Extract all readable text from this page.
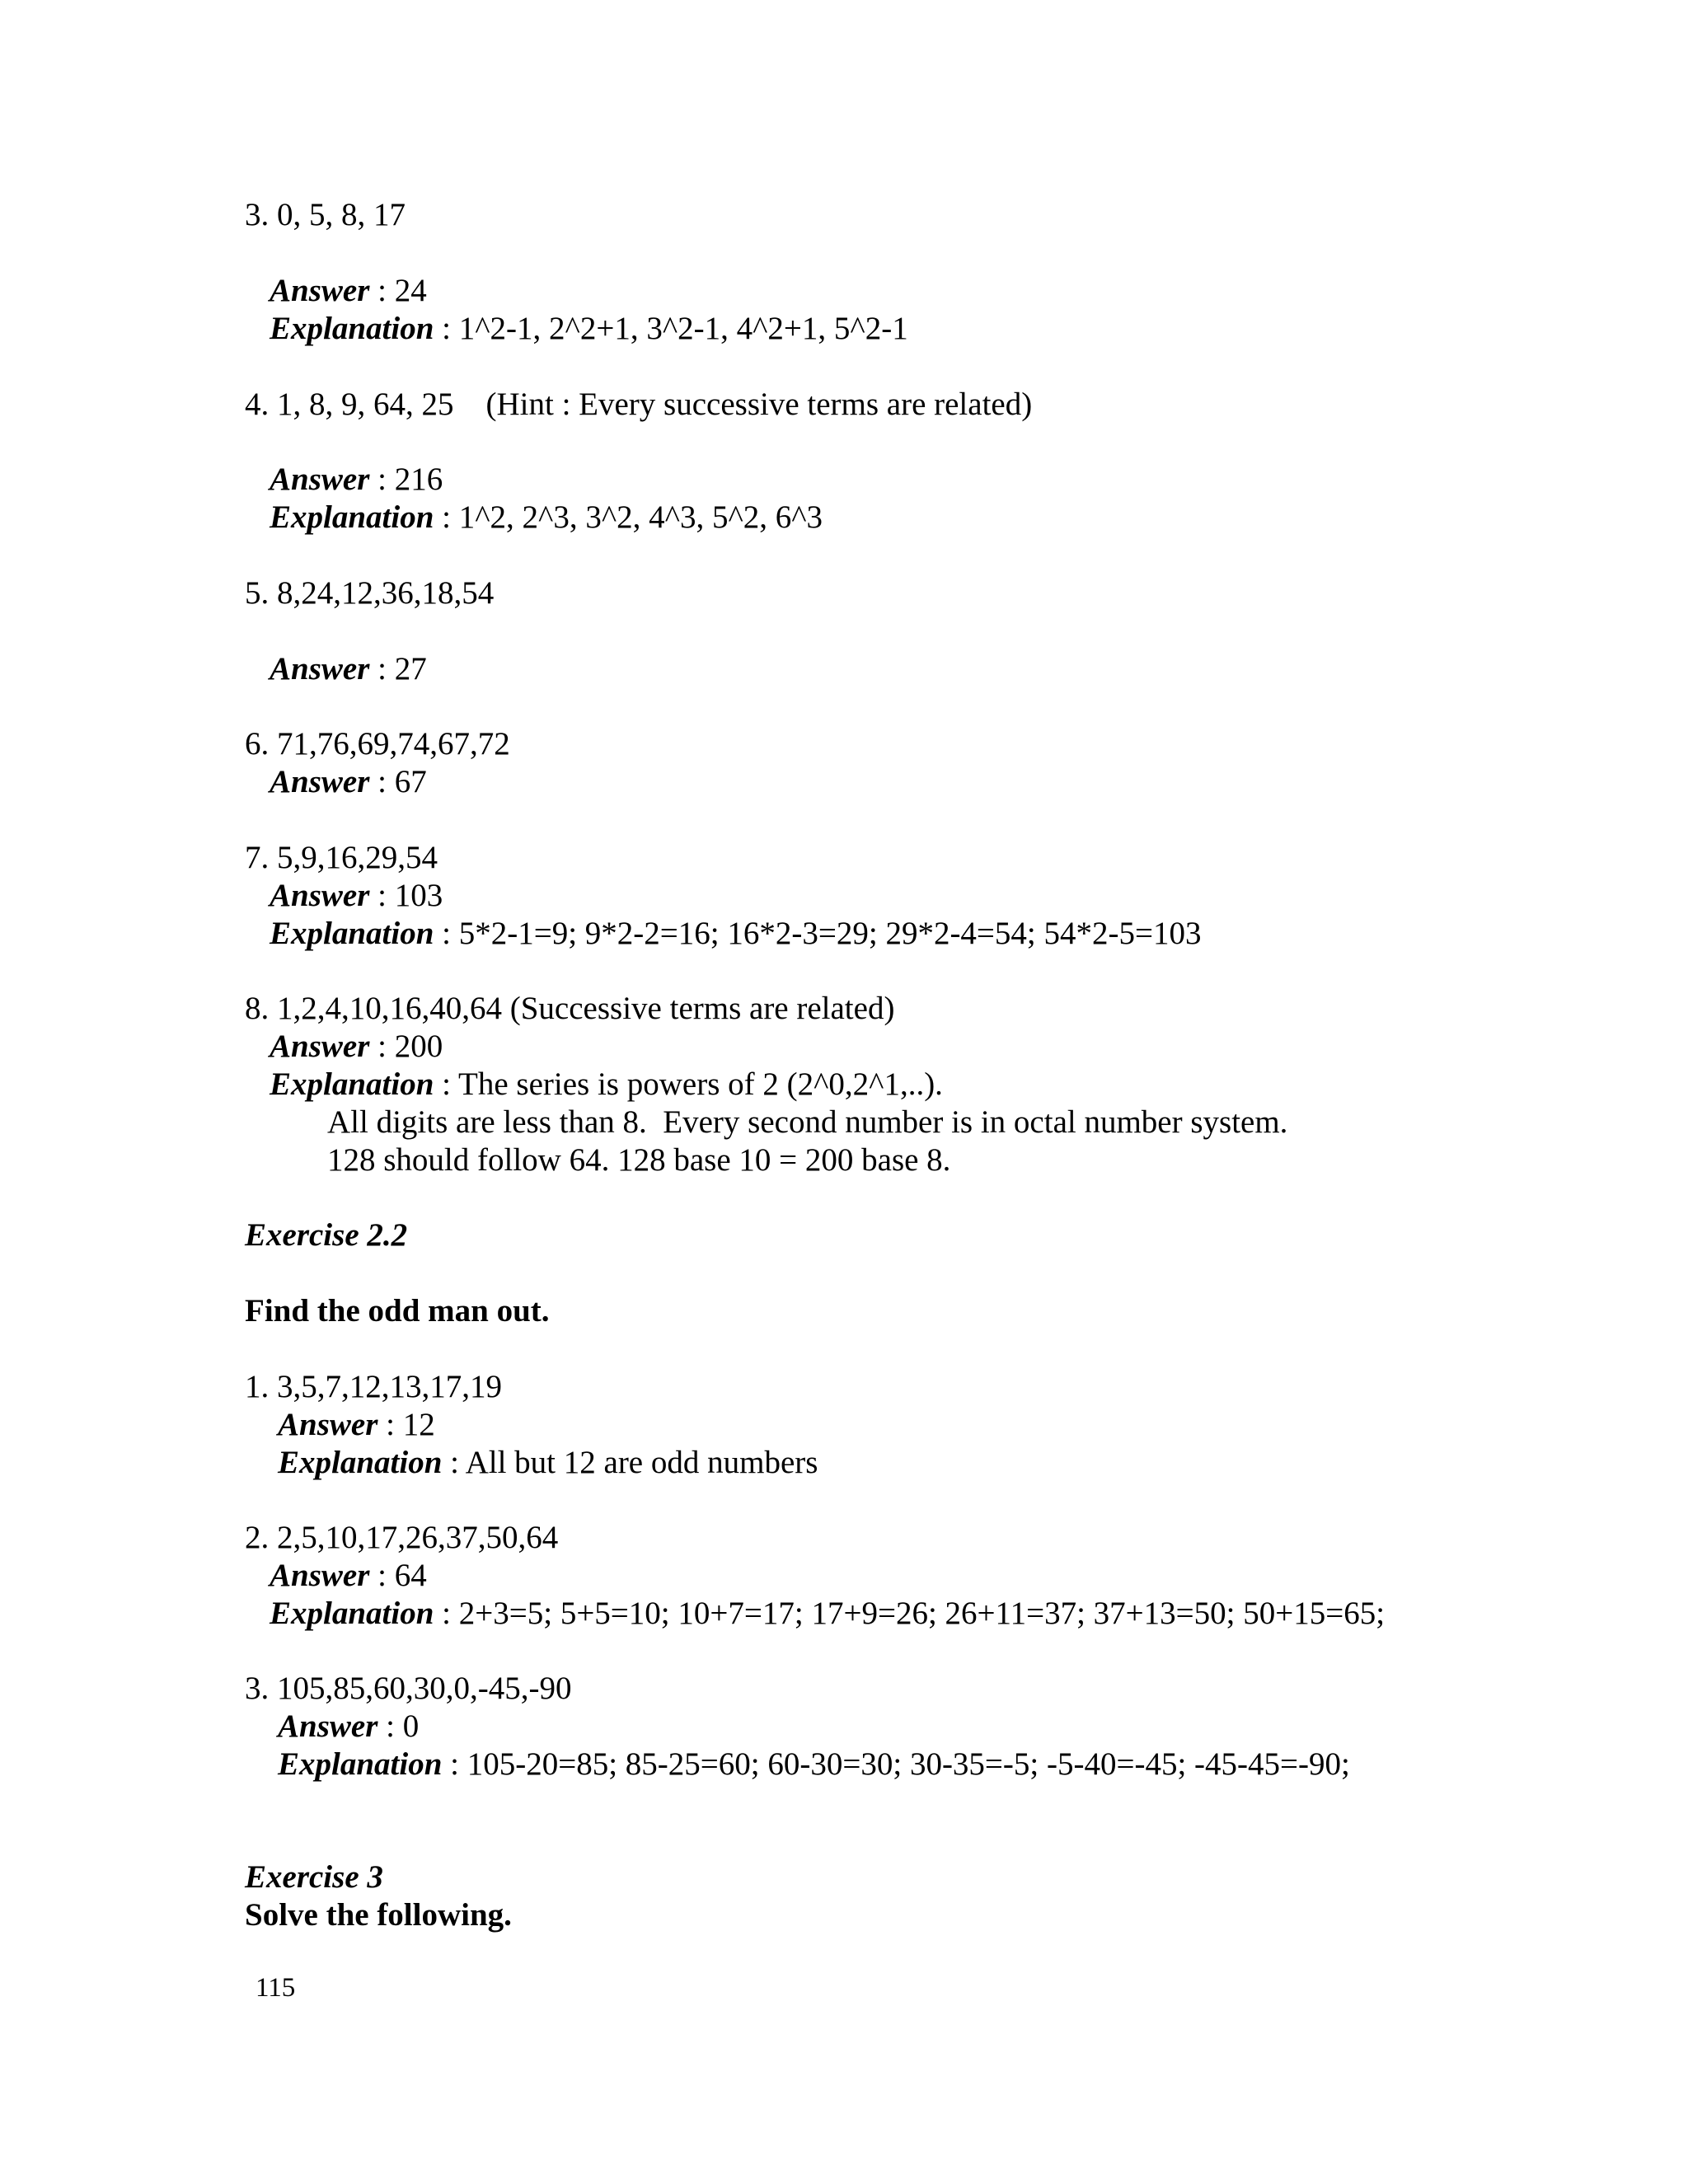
3. 0, 5, 8, 17
Answer : 24
Explanation : 1^2-1, 2^2+1, 3^2-1, 4^2+1, 5^2-1
4. 1, 8, 9, 64, 25    (Hint : Every successive terms are related)
Answer : 216
Explanation : 1^2, 2^3, 3^2, 4^3, 5^2, 6^3
5. 8,24,12,36,18,54
Answer : 27
6. 71,76,69,74,67,72
Answer : 67
7. 5,9,16,29,54
Answer : 103
Explanation : 5*2-1=9; 9*2-2=16; 16*2-3=29; 29*2-4=54; 54*2-5=103
8. 1,2,4,10,16,40,64 (Successive terms are related)
Answer : 200
Explanation : The series is powers of 2 (2^0,2^1,..).
All digits are less than 8.  Every second number is in octal number system.
128 should follow 64. 128 base 10 = 200 base 8.
Exercise 2.2
Find the odd man out.
1. 3,5,7,12,13,17,19
Answer : 12
Explanation : All but 12 are odd numbers
2. 2,5,10,17,26,37,50,64
Answer : 64
Explanation : 2+3=5; 5+5=10; 10+7=17; 17+9=26; 26+11=37; 37+13=50; 50+15=65;
3. 105,85,60,30,0,-45,-90
Answer : 0
Explanation : 105-20=85; 85-25=60; 60-30=30; 30-35=-5; -5-40=-45; -45-45=-90;
Exercise 3
Solve the following.
115
